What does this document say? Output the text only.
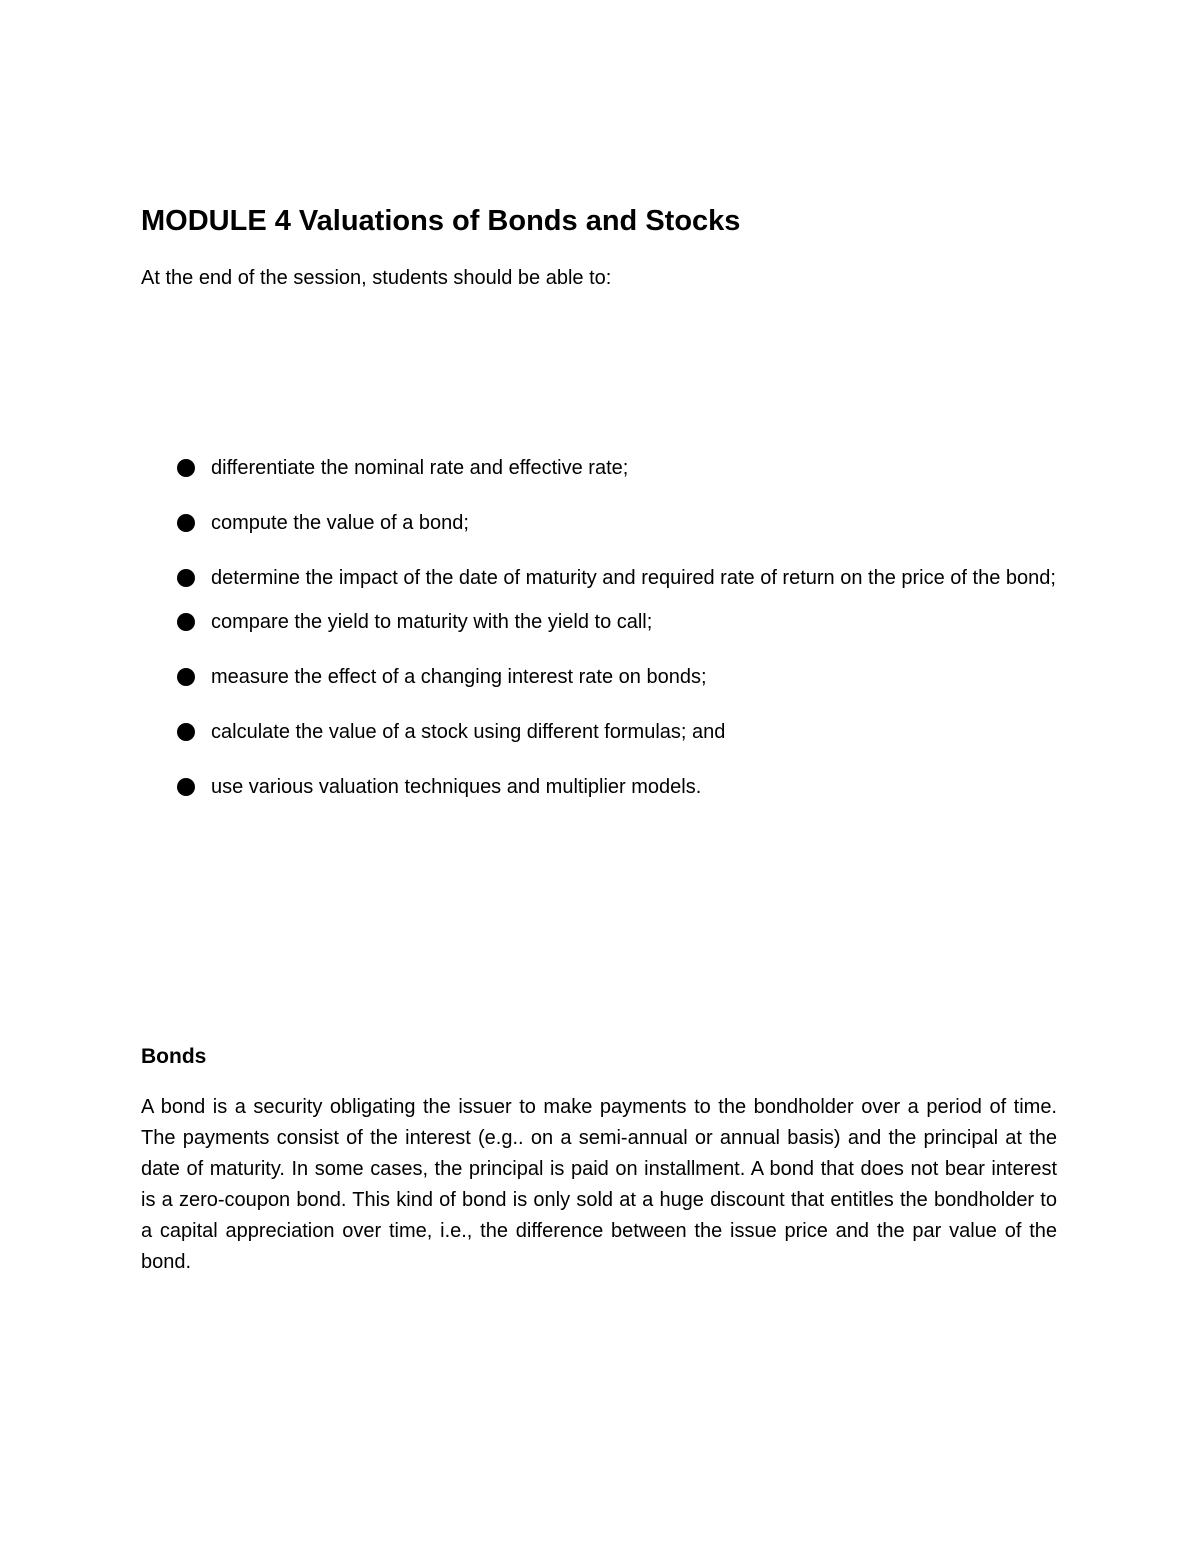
MODULE 4 Valuations of Bonds and Stocks

At the end of the session, students should be able to:

differentiate the nominal rate and effective rate;
compute the value of a bond;
determine the impact of the date of maturity and required rate of return on the price of the bond;
compare the yield to maturity with the yield to call;
measure the effect of a changing interest rate on bonds;
calculate the value of a stock using different formulas; and
use various valuation techniques and multiplier models.
Bonds

A bond is a security obligating the issuer to make payments to the bondholder over a period of time. The payments consist of the interest (e.g.. on a semi-annual or annual basis) and the principal at the date of maturity. In some cases, the principal is paid on installment. A bond that does not bear interest is a zero-coupon bond. This kind of bond is only sold at a huge discount that entitles the bondholder to a capital appreciation over time, i.e., the difference between the issue price and the par value of the bond.
